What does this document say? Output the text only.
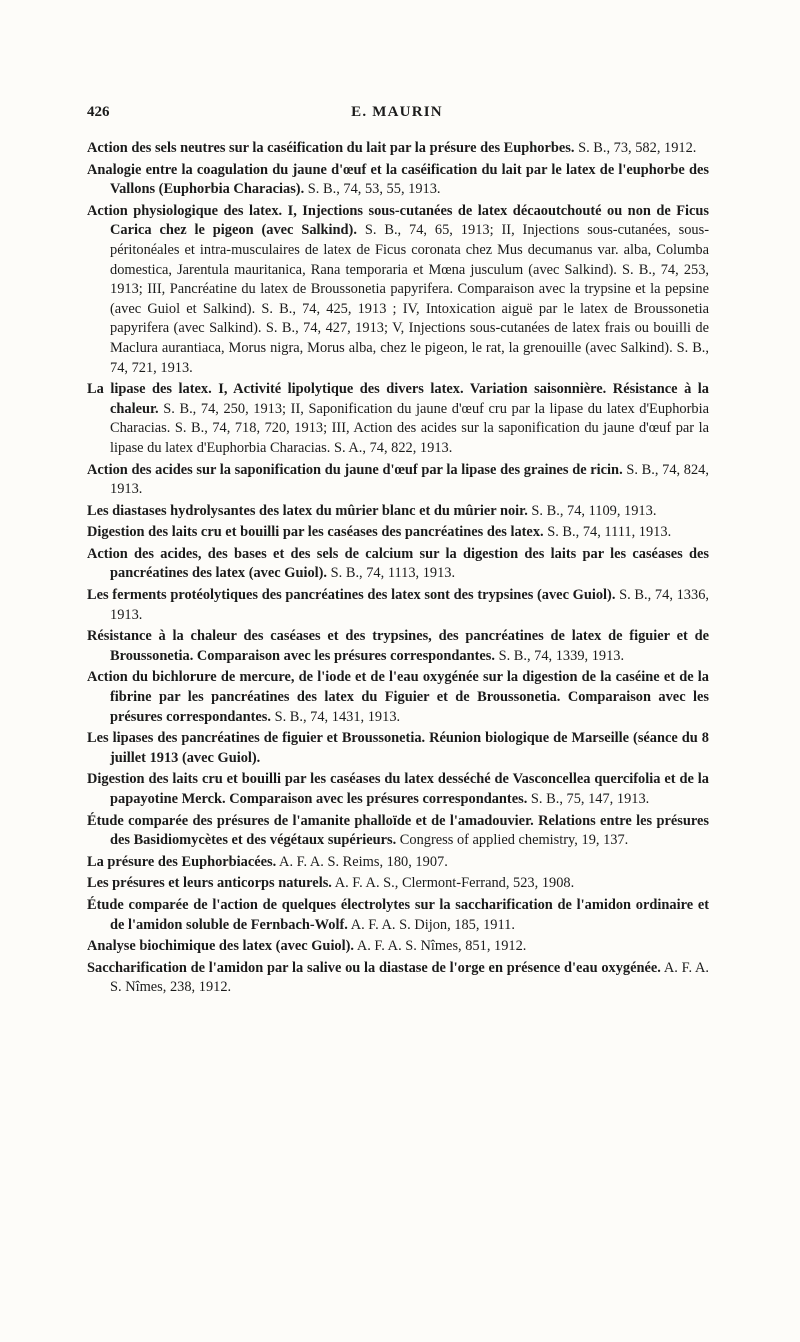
426	E. MAURIN

Action des sels neutres sur la caséification du lait par la présure des Euphorbes. S. B., 73, 582, 1912.

Analogie entre la coagulation du jaune d'œuf et la caséification du lait par le latex de l'euphorbe des Vallons (Euphorbia Characias). S. B., 74, 53, 55, 1913.

Action physiologique des latex. I, Injections sous-cutanées de latex décaoutchouté ou non de Ficus Carica chez le pigeon (avec Salkind). S. B., 74, 65, 1913; II, Injections sous-cutanées, sous-péritonéales et intra-musculaires de latex de Ficus coronata chez Mus decumanus var. alba, Columba domestica, Jarentula mauritanica, Rana temporaria et Mœna jusculum (avec Salkind). S. B., 74, 253, 1913; III, Pancréatine du latex de Broussonetia papyrifera. Comparaison avec la trypsine et la pepsine (avec Guiol et Salkind). S. B., 74, 425, 1913 ; IV, Intoxication aiguë par le latex de Broussonetia papyrifera (avec Salkind). S. B., 74, 427, 1913; V, Injections sous-cutanées de latex frais ou bouilli de Maclura aurantiaca, Morus nigra, Morus alba, chez le pigeon, le rat, la grenouille (avec Salkind). S. B., 74, 721, 1913.

La lipase des latex. I, Activité lipolytique des divers latex. Variation saisonnière. Résistance à la chaleur. S. B., 74, 250, 1913; II, Saponification du jaune d'œuf cru par la lipase du latex d'Euphorbia Characias. S. B., 74, 718, 720, 1913; III, Action des acides sur la saponification du jaune d'œuf par la lipase du latex d'Euphorbia Characias. S. A., 74, 822, 1913.

Action des acides sur la saponification du jaune d'œuf par la lipase des graines de ricin. S. B., 74, 824, 1913.

Les diastases hydrolysantes des latex du mûrier blanc et du mûrier noir. S. B., 74, 1109, 1913.

Digestion des laits cru et bouilli par les caséases des pancréatines des latex. S. B., 74, 1111, 1913.

Action des acides, des bases et des sels de calcium sur la digestion des laits par les caséases des pancréatines des latex (avec Guiol). S. B., 74, 1113, 1913.

Les ferments protéolytiques des pancréatines des latex sont des trypsines (avec Guiol). S. B., 74, 1336, 1913.

Résistance à la chaleur des caséases et des trypsines, des pancréatines de latex de figuier et de Broussonetia. Comparaison avec les présures correspondantes. S. B., 74, 1339, 1913.

Action du bichlorure de mercure, de l'iode et de l'eau oxygénée sur la digestion de la caséine et de la fibrine par les pancréatines des latex du Figuier et de Broussonetia. Comparaison avec les présures correspondantes. S. B., 74, 1431, 1913.

Les lipases des pancréatines de figuier et Broussonetia. Réunion biologique de Marseille (séance du 8 juillet 1913 (avec Guiol).

Digestion des laits cru et bouilli par les caséases du latex desséché de Vasconcellea quercifolia et de la papayotine Merck. Comparaison avec les présures correspondantes. S. B., 75, 147, 1913.

Étude comparée des présures de l'amanite phalloïde et de l'amadouvier. Relations entre les présures des Basidiomycètes et des végétaux supérieurs. Congress of applied chemistry, 19, 137.

La présure des Euphorbiacées. A. F. A. S. Reims, 180, 1907.

Les présures et leurs anticorps naturels. A. F. A. S., Clermont-Ferrand, 523, 1908.

Étude comparée de l'action de quelques électrolytes sur la saccharification de l'amidon ordinaire et de l'amidon soluble de Fernbach-Wolf. A. F. A. S. Dijon, 185, 1911.

Analyse biochimique des latex (avec Guiol). A. F. A. S. Nîmes, 851, 1912.

Saccharification de l'amidon par la salive ou la diastase de l'orge en présence d'eau oxygénée. A. F. A. S. Nîmes, 238, 1912.
